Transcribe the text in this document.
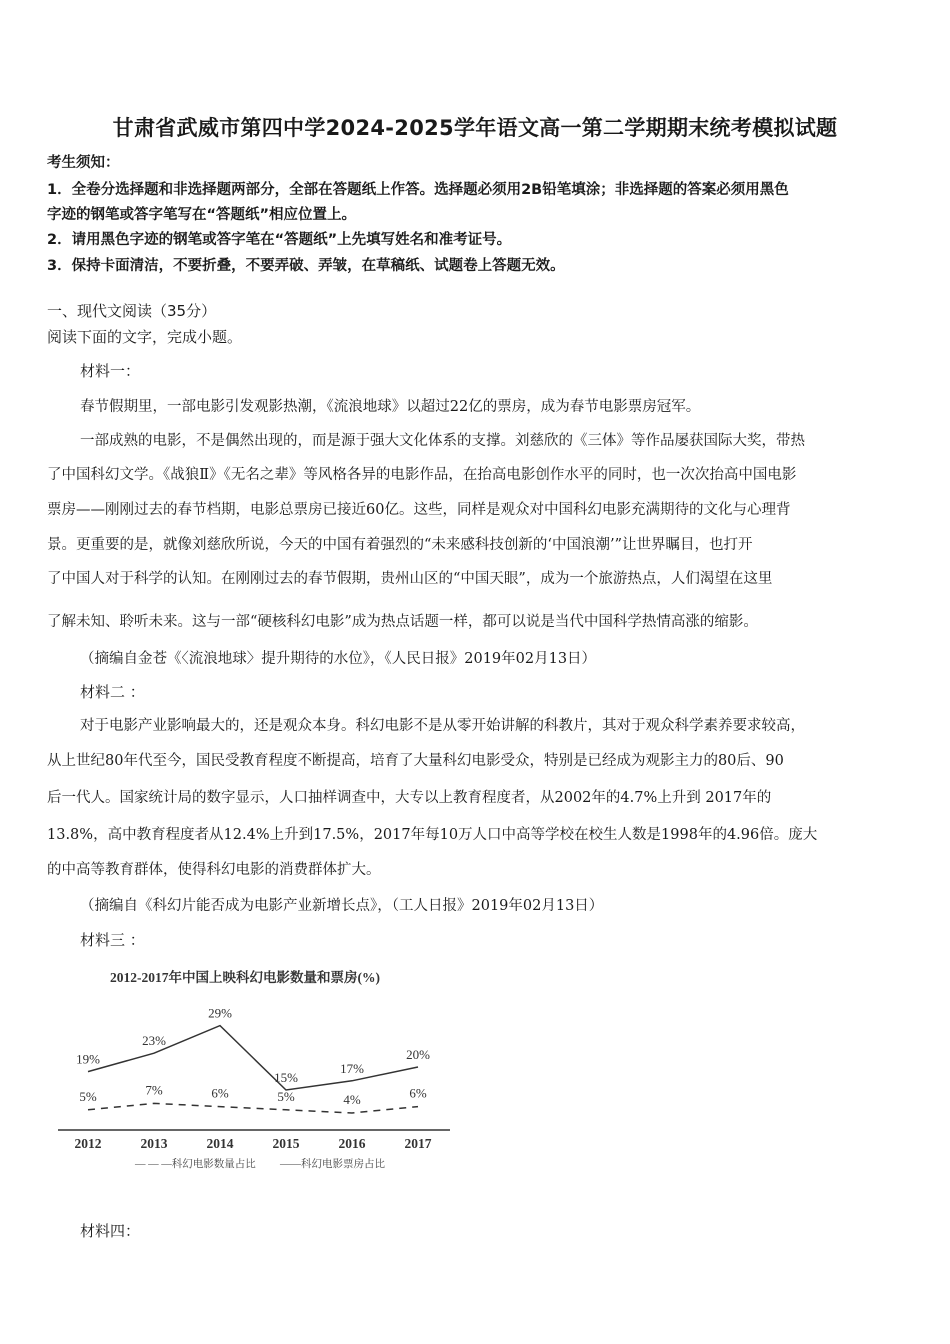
甘肃省武威市第四中学2024-2025学年语文高一第二学期期末统考模拟试题
考生须知：
1．全卷分选择题和非选择题两部分，全部在答题纸上作答。选择题必须用2B铅笔填涂；非选择题的答案必须用黑色
字迹的钢笔或答字笔写在“答题纸”相应位置上。
2．请用黑色字迹的钢笔或答字笔在“答题纸”上先填写姓名和准考证号。
3．保持卡面清洁，不要折叠，不要弄破、弄皱，在草稿纸、试题卷上答题无效。
一、现代文阅读（35分）
阅读下面的文字，完成小题。
材料一：
春节假期里，一部电影引发观影热潮，《流浪地球》以超过22亿的票房，成为春节电影票房冠军。
一部成熟的电影，不是偶然出现的，而是源于强大文化体系的支撑。刘慈欣的《三体》等作品屡获国际大奖，带热
了中国科幻文学。《战狼Ⅱ》《无名之辈》等风格各异的电影作品，在抬高电影创作水平的同时，也一次次抬高中国电影
票房——刚刚过去的春节档期，电影总票房已接近60亿。这些，同样是观众对中国科幻电影充满期待的文化与心理背
景。更重要的是，就像刘慈欣所说，今天的中国有着强烈的“未来感科技创新的‘中国浪潮’”让世界瞩目，也打开
了中国人对于科学的认知。在刚刚过去的春节假期，贵州山区的“中国天眼”，成为一个旅游热点，人们渴望在这里
了解未知、聆听未来。这与一部“硬核科幻电影”成为热点话题一样，都可以说是当代中国科学热情高涨的缩影。
（摘编自金苍《〈流浪地球〉提升期待的水位》，《人民日报》2019年02月13日）
材料二 ：
对于电影产业影响最大的，还是观众本身。科幻电影不是从零开始讲解的科教片，其对于观众科学素养要求较高，
从上世纪80年代至今，国民受教育程度不断提高，培育了大量科幻电影受众，特别是已经成为观影主力的80后、90
后一代人。国家统计局的数字显示，人口抽样调查中，大专以上教育程度者，从2002年的4.7%上升到 2017年的
13.8%，高中教育程度者从12.4%上升到17.5%，2017年每10万人口中高等学校在校生人数是1998年的4.96倍。庞大
的中高等教育群体，使得科幻电影的消费群体扩大。
（摘编自《科幻片能否成为电影产业新增长点》，（工人日报》2019年02月13日）
材料三 ：
2012-2017年中国上映科幻电影数量和票房(%)
19%
23%
29%
15%
17%
20%
5%	7%	6%	5%	4%	6%
2012	2013	2014	2015	2016	2017
— — —科幻电影数量占比 ——科幻电影票房占比
材料四：
